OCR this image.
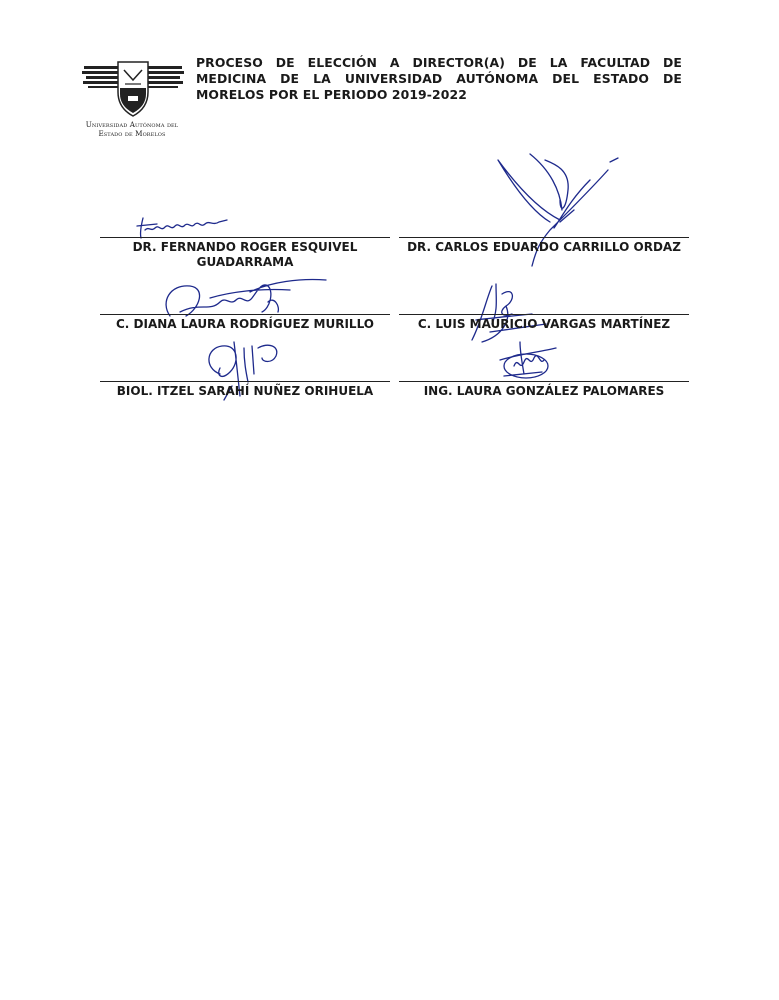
Universidad Autónoma del
Estado de Morelos
PROCESO DE ELECCIÓN A DIRECTOR(A) DE LA FACULTAD DE MEDICINA DE LA UNIVERSIDAD AUTÓNOMA DEL ESTADO DE MORELOS POR EL PERIODO 2019-2022
DR. FERNANDO ROGER ESQUIVEL GUADARRAMA
DR. CARLOS EDUARDO CARRILLO ORDAZ
C. DIANA LAURA RODRÍGUEZ MURILLO	C. LUIS MAURICIO VARGAS MARTÍNEZ
BIOL. ITZEL SARAHÍ NUÑEZ ORIHUELA	ING. LAURA GONZÁLEZ PALOMARES
